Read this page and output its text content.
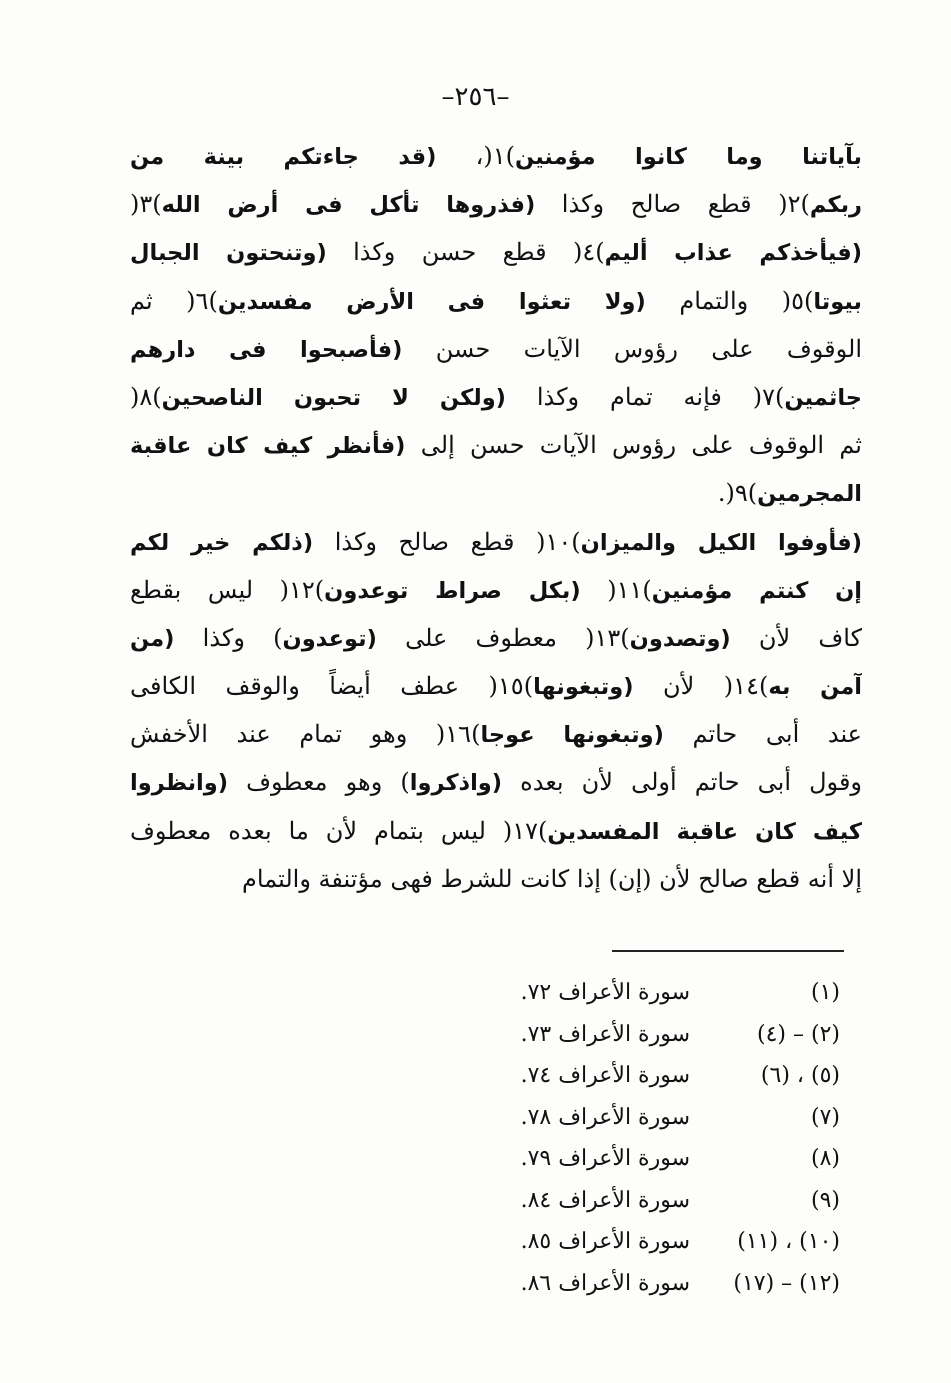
–٢٥٦–
بآياتنا وما كانوا مؤمنين)١(، (قد جاءتكم بينة من
ربكم)٢( قطع صالح وكذا (فذروها تأكل فى أرض الله)٣(
(فيأخذكم عذاب أليم)٤( قطع حسن وكذا (وتنحتون الجبال
بيوتا)٥( والتمام (ولا تعثوا فى الأرض مفسدين)٦( ثم
الوقوف على رؤوس الآيات حسن (فأصبحوا فى دارهم
جاثمين)٧( فإنه تمام وكذا (ولكن لا تحبون الناصحين)٨(
ثم الوقوف على رؤوس الآيات حسن إلى (فأنظر كيف كان عاقبة
المجرمين)٩(.
(فأوفوا الكيل والميزان)١٠( قطع صالح وكذا (ذلكم خير لكم
إن كنتم مؤمنين)١١( (بكل صراط توعدون)١٢( ليس بقطع
كاف لأن (وتصدون)١٣( معطوف على (توعدون) وكذا (من
آمن به)١٤( لأن (وتبغونها)١٥( عطف أيضاً والوقف الكافى
عند أبى حاتم (وتبغونها عوجا)١٦( وهو تمام عند الأخفش
وقول أبى حاتم أولى لأن بعده (واذكروا) وهو معطوف (وانظروا
كيف كان عاقبة المفسدين)١٧( ليس بتمام لأن ما بعده معطوف
إلا أنه قطع صالح لأن (إن) إذا كانت للشرط فهى مؤتنفة والتمام
(١)
سورة الأعراف ٧٢.
(٢) – (٤)
سورة الأعراف ٧٣.
(٥) ، (٦)
سورة الأعراف ٧٤.
(٧)
سورة الأعراف ٧٨.
(٨)
سورة الأعراف ٧٩.
(٩)
سورة الأعراف ٨٤.
(١٠) ، (١١)
سورة الأعراف ٨٥.
(١٢) – (١٧)
سورة الأعراف ٨٦.
